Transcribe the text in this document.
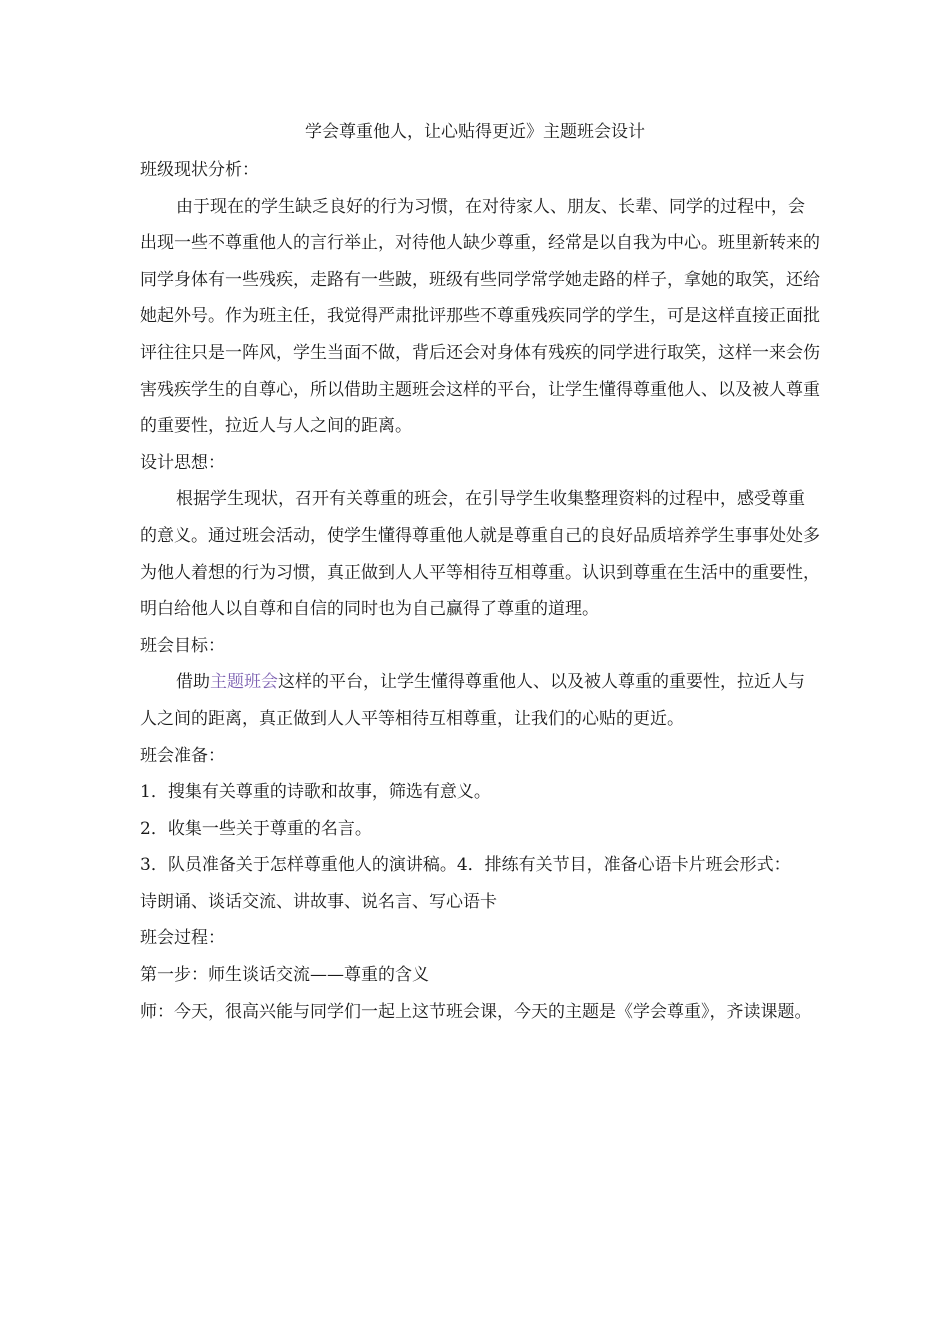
学会尊重他人，让心贴得更近》主题班会设计

班级现状分析：

由于现在的学生缺乏良好的行为习惯，在对待家人、朋友、长辈、同学的过程中，会出现一些不尊重他人的言行举止，对待他人缺少尊重，经常是以自我为中心。班里新转来的同学身体有一些残疾，走路有一些跛，班级有些同学常学她走路的样子，拿她的取笑，还给她起外号。作为班主任，我觉得严肃批评那些不尊重残疾同学的学生，可是这样直接正面批评往往只是一阵风，学生当面不做，背后还会对身体有残疾的同学进行取笑，这样一来会伤害残疾学生的自尊心，所以借助主题班会这样的平台，让学生懂得尊重他人、以及被人尊重的重要性，拉近人与人之间的距离。

设计思想：

根据学生现状，召开有关尊重的班会，在引导学生收集整理资料的过程中，感受尊重的意义。通过班会活动，使学生懂得尊重他人就是尊重自己的良好品质培养学生事事处处多为他人着想的行为习惯，真正做到人人平等相待互相尊重。认识到尊重在生活中的重要性，明白给他人以自尊和自信的同时也为自己赢得了尊重的道理。

班会目标：

借助主题班会这样的平台，让学生懂得尊重他人、以及被人尊重的重要性，拉近人与人之间的距离，真正做到人人平等相待互相尊重，让我们的心贴的更近。

班会准备：

1．搜集有关尊重的诗歌和故事，筛选有意义。

2．收集一些关于尊重的名言。

3．队员准备关于怎样尊重他人的演讲稿。4．排练有关节目，准备心语卡片班会形式：

诗朗诵、谈话交流、讲故事、说名言、写心语卡

班会过程：

第一步：师生谈话交流——尊重的含义

师：今天，很高兴能与同学们一起上这节班会课，今天的主题是《学会尊重》，齐读课题。
